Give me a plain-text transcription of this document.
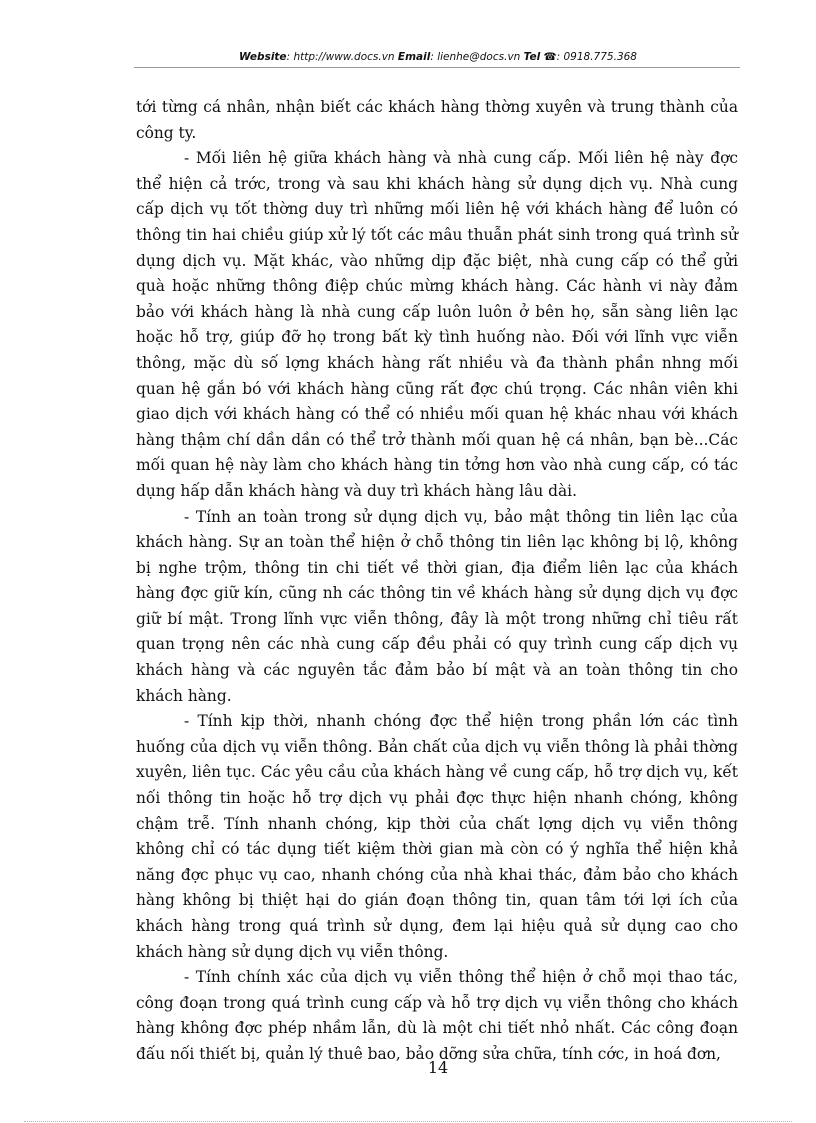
Website: http://www.docs.vn Email: lienhe@docs.vn Tel ☎: 0918.775.368

tới từng cá nhân, nhận biết các khách hàng thờng xuyên và trung thành của công ty.

- Mối liên hệ giữa khách hàng và nhà cung cấp. Mối liên hệ này đợc thể hiện cả trớc, trong và sau khi khách hàng sử dụng dịch vụ. Nhà cung cấp dịch vụ tốt thờng duy trì những mối liên hệ với khách hàng để luôn có thông tin hai chiều giúp xử lý tốt các mâu thuẫn phát sinh trong quá trình sử dụng dịch vụ. Mặt khác, vào những dịp đặc biệt, nhà cung cấp có thể gửi quà hoặc những thông điệp chúc mừng khách hàng. Các hành vi này đảm bảo với khách hàng là nhà cung cấp luôn luôn ở bên họ, sẵn sàng liên lạc hoặc hỗ trợ, giúp đỡ họ trong bất kỳ tình huống nào. Đối với lĩnh vực viễn thông, mặc dù số lợng khách hàng rất nhiều và đa thành phần nhng mối quan hệ gắn bó với khách hàng cũng rất đợc chú trọng. Các nhân viên khi giao dịch với khách hàng có thể có nhiều mối quan hệ khác nhau với khách hàng thậm chí dần dần có thể trở thành mối quan hệ cá nhân, bạn bè...Các mối quan hệ này làm cho khách hàng tin tởng hơn vào nhà cung cấp, có tác dụng hấp dẫn khách hàng và duy trì khách hàng lâu dài.

- Tính an toàn trong sử dụng dịch vụ, bảo mật thông tin liên lạc của khách hàng. Sự an toàn thể hiện ở chỗ thông tin liên lạc không bị lộ, không bị nghe trộm, thông tin chi tiết về thời gian, địa điểm liên lạc của khách hàng đợc giữ kín, cũng nh các thông tin về khách hàng sử dụng dịch vụ đợc giữ bí mật. Trong lĩnh vực viễn thông, đây là một trong những chỉ tiêu rất quan trọng nên các nhà cung cấp đều phải có quy trình cung cấp dịch vụ khách hàng và các nguyên tắc đảm bảo bí mật và an toàn thông tin cho khách hàng.

- Tính kịp thời, nhanh chóng đợc thể hiện trong phần lớn các tình huống của dịch vụ viễn thông. Bản chất của dịch vụ viễn thông là phải thờng xuyên, liên tục. Các yêu cầu của khách hàng về cung cấp, hỗ trợ dịch vụ, kết nối thông tin hoặc hỗ trợ dịch vụ phải đợc thực hiện nhanh chóng, không chậm trễ. Tính nhanh chóng, kịp thời của chất lợng dịch vụ viễn thông không chỉ có tác dụng tiết kiệm thời gian mà còn có ý nghĩa thể hiện khả năng đợc phục vụ cao, nhanh chóng của nhà khai thác, đảm bảo cho khách hàng không bị thiệt hại do gián đoạn thông tin, quan tâm tới lợi ích của khách hàng trong quá trình sử dụng, đem lại hiệu quả sử dụng cao cho khách hàng sử dụng dịch vụ viễn thông.

- Tính chính xác của dịch vụ viễn thông thể hiện ở chỗ mọi thao tác, công đoạn trong quá trình cung cấp và hỗ trợ dịch vụ viễn thông cho khách hàng không đợc phép nhầm lẫn, dù là một chi tiết nhỏ nhất. Các công đoạn đấu nối thiết bị, quản lý thuê bao, bảo dỡng sửa chữa, tính cớc, in hoá đơn,

14
